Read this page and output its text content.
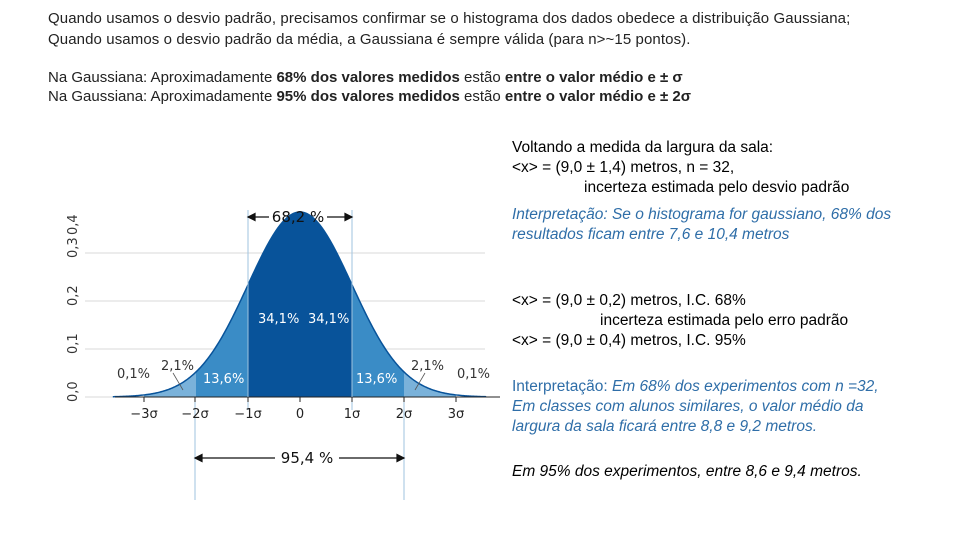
Quando usamos o desvio padrão, precisamos confirmar se o histograma dos dados obedece a distribuição Gaussiana;
Quando usamos o desvio padrão da média, a Gaussiana é sempre válida (para n>~15 pontos).
Na Gaussiana: Aproximadamente 68% dos valores medidos estão entre o valor médio e ± σ
Na Gaussiana: Aproximadamente 95% dos valores medidos estão entre o valor médio e ± 2σ
0,0
0,1
0,2
0,3
0,4
−3σ −2σ −1σ	0	1σ	2σ	3σ
34,1% 34,1%
13,6%	13,6%
2,1%	2,1%
0,1%	0,1%
68,2 %
95,4 %
Voltando a medida da largura da sala:
<x> = (9,0 ± 1,4) metros, n = 32,
incerteza estimada pelo desvio padrão
Interpretação: Se o histograma for gaussiano, 68% dos resultados ficam entre 7,6 e 10,4 metros
<x> = (9,0 ± 0,2) metros, I.C. 68%
incerteza estimada pelo erro padrão
<x> = (9,0 ± 0,4) metros, I.C. 95%
Interpretação: Em 68% dos experimentos com n =32,
Em classes com alunos similares, o valor médio da
largura da sala ficará entre 8,8 e 9,2 metros.
Em 95% dos experimentos, entre 8,6 e 9,4 metros.
